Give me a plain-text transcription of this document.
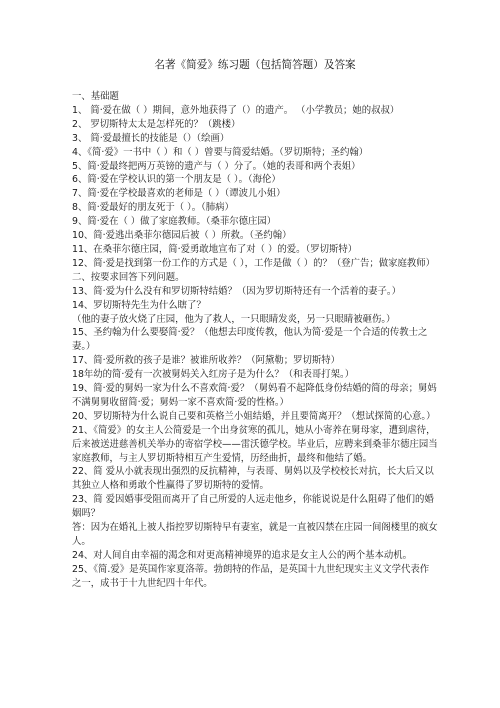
名著《简爱》练习题（包括简答题）及答案
一、基础题
1、 简·爱在做（ ）期间，意外地获得了（）的遗产。 （小学教员；她的叔叔）
2、 罗切斯特太太是怎样死的？（跳楼）
3、 简·爱最擅长的技能是（）（绘画）
4、《简·爱》一书中（ ）和（ ）曾要与简爱结婚。（罗切斯特；圣约翰）
5、简·爱最终把两万英镑的遗产与（ ）分了。（她的表哥和两个表姐）
6、简·爱在学校认识的第一个朋友是（ ）。（海伦）
7、简·爱在学校最喜欢的老师是（ ）（谭波儿小姐）
8、简·爱最好的朋友死于（ ）。（肺病）
9、简·爱在（ ）做了家庭教师。（桑菲尔德庄园）
10、简·爱逃出桑菲尔德园后被（ ）所救。（圣约翰）
11、在桑菲尔德庄园，简·爱勇敢地宣布了对（ ）的爱。（罗切斯特）
12、简·爱是找到第一份工作的方式是（ ），工作是做（ ）的？（登广告；做家庭教师）
二、按要求回答下列问题。
13、简·爱为什么没有和罗切斯特结婚？（因为罗切斯特还有一个活着的妻子。）
14、罗切斯特先生为什么瞎了？
（他的妻子放火烧了庄园，他为了救人，一只眼睛发炎，另一只眼睛被砸伤。）
15、圣约翰为什么要娶简·爱？（他想去印度传教，他认为简·爱是一个合适的传教士之妻。）
17、简·爱所救的孩子是谁？被谁所收养？（阿黛勒；罗切斯特）
18年幼的简·爱有一次被舅妈关入红房子是为什么？（和表哥打架。）
19、简·爱的舅妈一家为什么不喜欢简·爱？（舅妈看不起降低身份结婚的简的母亲；舅妈不满舅舅收留简·爱；舅妈一家不喜欢简·爱的性格。）
20、罗切斯特为什么说自己要和英格兰小姐结婚，并且要简离开？（想试探简的心意。）
21、《简爱》的女主人公简爱是一个出身贫寒的孤儿，她从小寄养在舅母家，遭到虐待，后来被送进慈善机关举办的寄宿学校——雷沃德学校。毕业后，应聘来到桑菲尔德庄园当家庭教师，与主人罗切斯特相互产生爱情，历经曲折，最终和他结了婚。
22、简 爱从小就表现出强烈的反抗精神，与表哥、舅妈以及学校校长对抗，长大后又以其独立人格和勇敢个性赢得了罗切斯特的爱情。
23、简 爱因婚事受阻而离开了自己所爱的人远走他乡，你能说说是什么阻碍了他们的婚姻吗？
答：因为在婚礼上被人指控罗切斯特早有妻室，就是一直被囚禁在庄园一间阁楼里的疯女人。
24、对人间自由幸福的渴念和对更高精神境界的追求是女主人公的两个基本动机。
25、《简.爱》是英国作家夏洛蒂。勃朗特的作品，是英国十九世纪现实主义文学代表作之一，成书于十九世纪四十年代。
